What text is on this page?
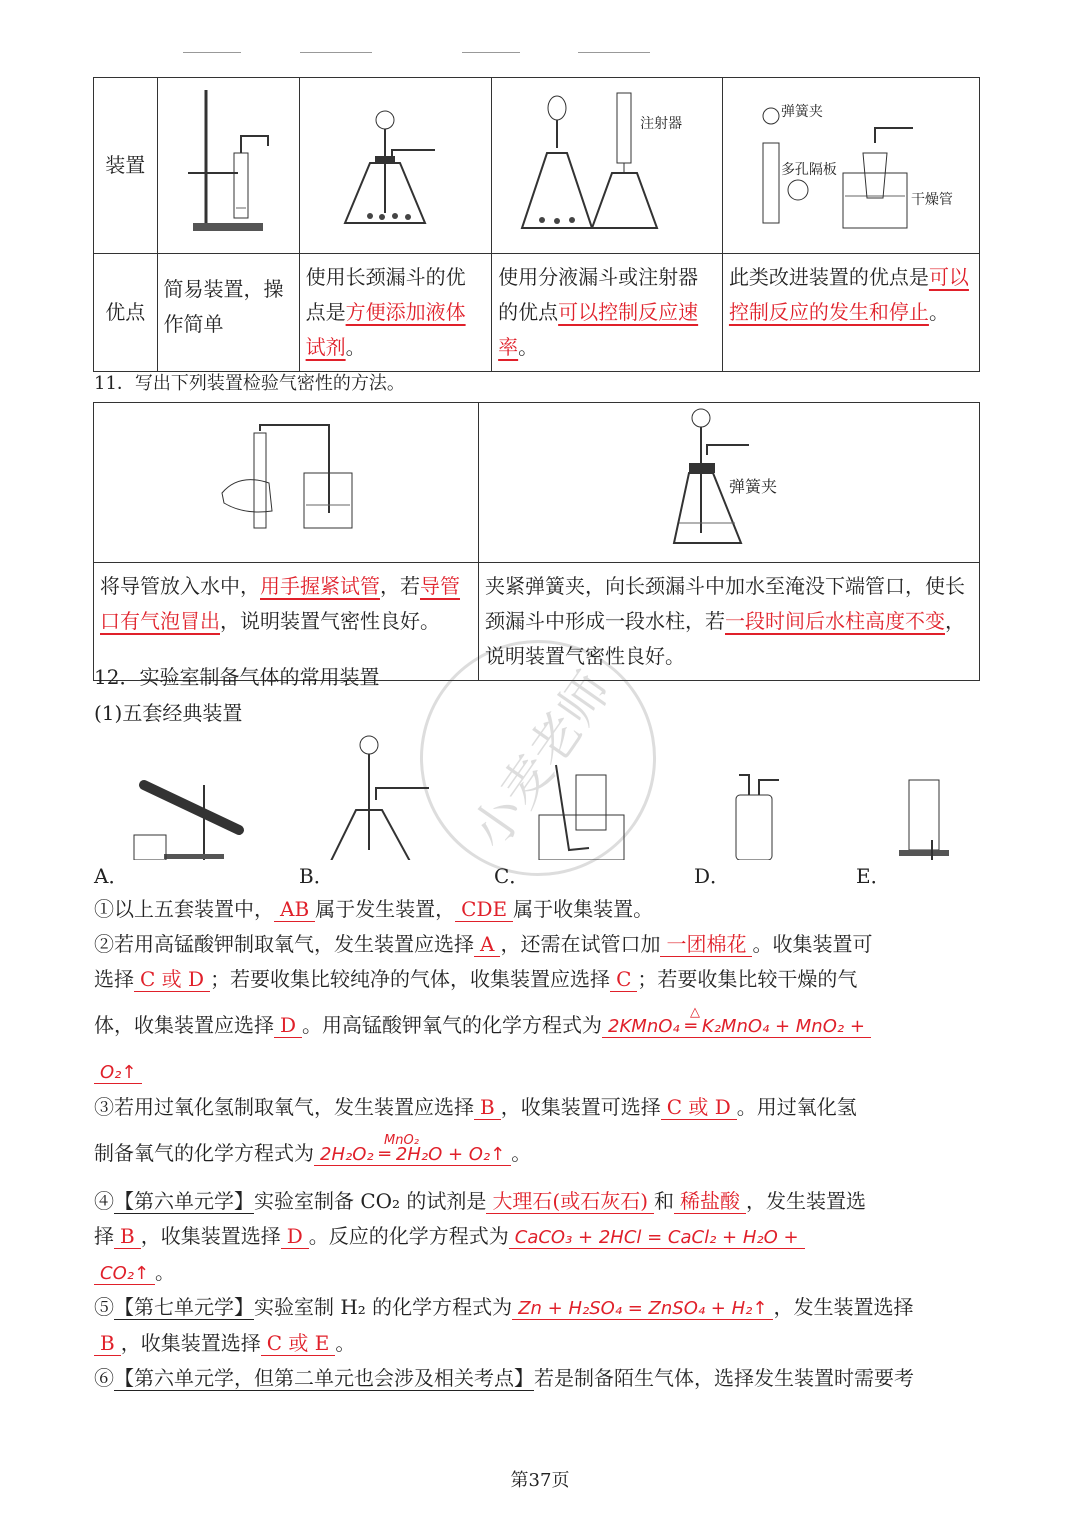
小麦老师
装置			注射器	弹簧夹
多孔隔板
干燥管

优点	简易装置，操作简单	使用长颈漏斗的优点是方便添加液体试剂。	使用分液漏斗或注射器的优点可以控制反应速率。	此类改进装置的优点是可以控制反应的发生和停止。
11．写出下列装置检验气密性的方法。

弹簧夹

将导管放入水中，用手握紧试管，若导管口有气泡冒出，说明装置气密性良好。	夹紧弹簧夹，向长颈漏斗中加水至淹没下端管口，使长颈漏斗中形成一段水柱，若一段时间后水柱高度不变，说明装置气密性良好。
12．实验室制备气体的常用装置
(1)五套经典装置
A．	B．	C．	D．	E．
①以上五套装置中， AB 属于发生装置， CDE 属于收集装置。
②若用高锰酸钾制取氧气，发生装置应选择 A ，还需在试管口加 一团棉花 。收集装置可
选择 C 或 D ；若要收集比较纯净的气体，收集装置应选择 C ；若要收集比较干燥的气
体，收集装置应选择 D 。用高锰酸钾氧气的化学方程式为
△
2KMnO₄ ═ K₂MnO₄ + MnO₂ +
O₂↑
③若用过氧化氢制取氧气，发生装置应选择 B ，收集装置可选择 C 或 D 。用过氧化氢
制备氧气的化学方程式为
MnO₂
2H₂O₂ ═ 2H₂O + O₂↑ 。
④【第六单元学】实验室制备 CO₂ 的试剂是 大理石(或石灰石) 和 稀盐酸 ，发生装置选
择 B ，收集装置选择 D 。反应的化学方程式为 CaCO₃ + 2HCl = CaCl₂ + H₂O +
CO₂↑ 。
⑤【第七单元学】实验室制 H₂ 的化学方程式为 Zn + H₂SO₄ = ZnSO₄ + H₂↑ ，发生装置选择
B ，收集装置选择 C 或 E 。
⑥【第六单元学，但第二单元也会涉及相关考点】若是制备陌生气体，选择发生装置时需要考
第37页
